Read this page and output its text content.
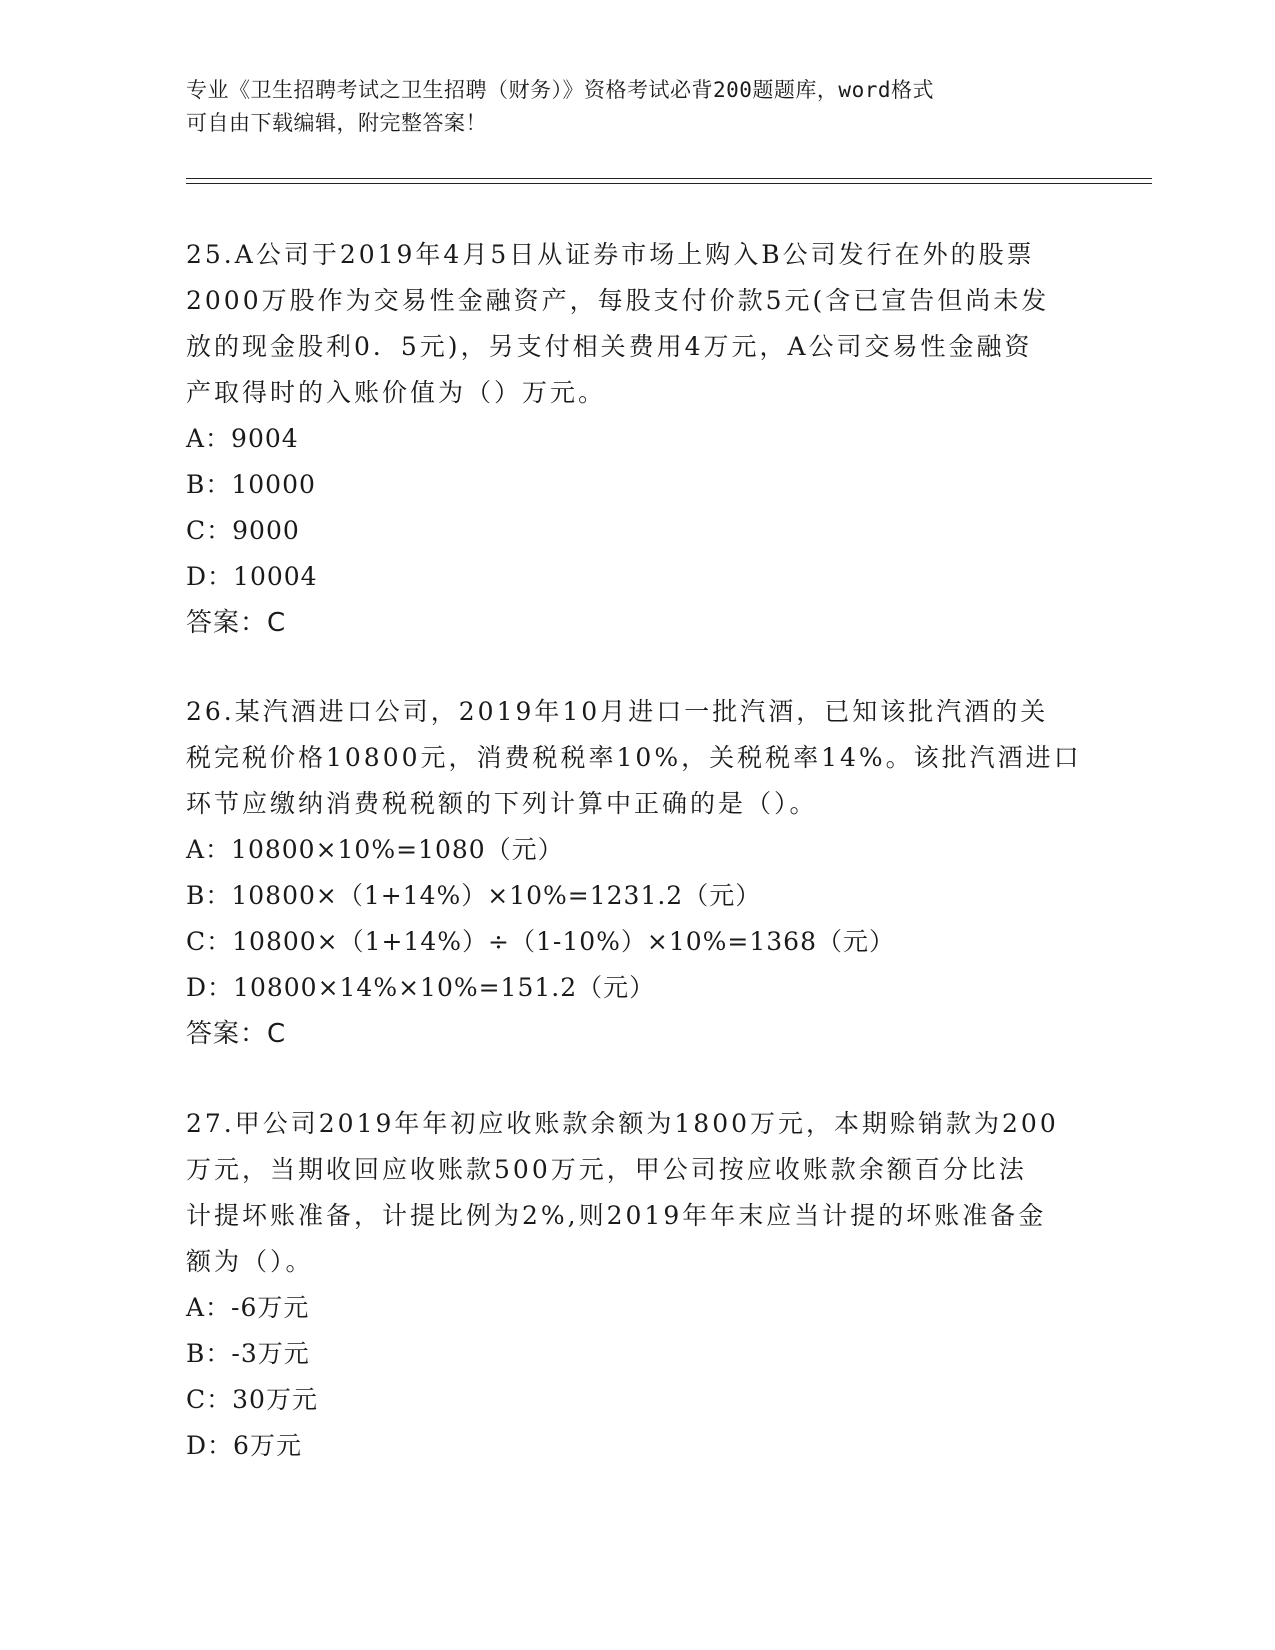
专业《卫生招聘考试之卫生招聘（财务）》资格考试必背200题题库，word格式
可自由下载编辑，附完整答案！

25.A公司于2019年4月5日从证券市场上购入B公司发行在外的股票

2000万股作为交易性金融资产，每股支付价款5元(含已宣告但尚未发

放的现金股利0．5元)，另支付相关费用4万元，A公司交易性金融资

产取得时的入账价值为（）万元。

A：9004

B：10000

C：9000

D：10004

答案：C

26.某汽酒进口公司，2019年10月进口一批汽酒，已知该批汽酒的关

税完税价格10800元，消费税税率10%，关税税率14%。该批汽酒进口

环节应缴纳消费税税额的下列计算中正确的是（）。

A：10800×10%=1080（元）

B：10800×（1+14%）×10%=1231.2（元）

C：10800×（1+14%）÷（1-10%）×10%=1368（元）

D：10800×14%×10%=151.2（元）

答案：C

27.甲公司2019年年初应收账款余额为1800万元，本期赊销款为200

万元，当期收回应收账款500万元，甲公司按应收账款余额百分比法

计提坏账准备，计提比例为2%,则2019年年末应当计提的坏账准备金

额为（）。

A：-6万元

B：-3万元

C：30万元

D：6万元
